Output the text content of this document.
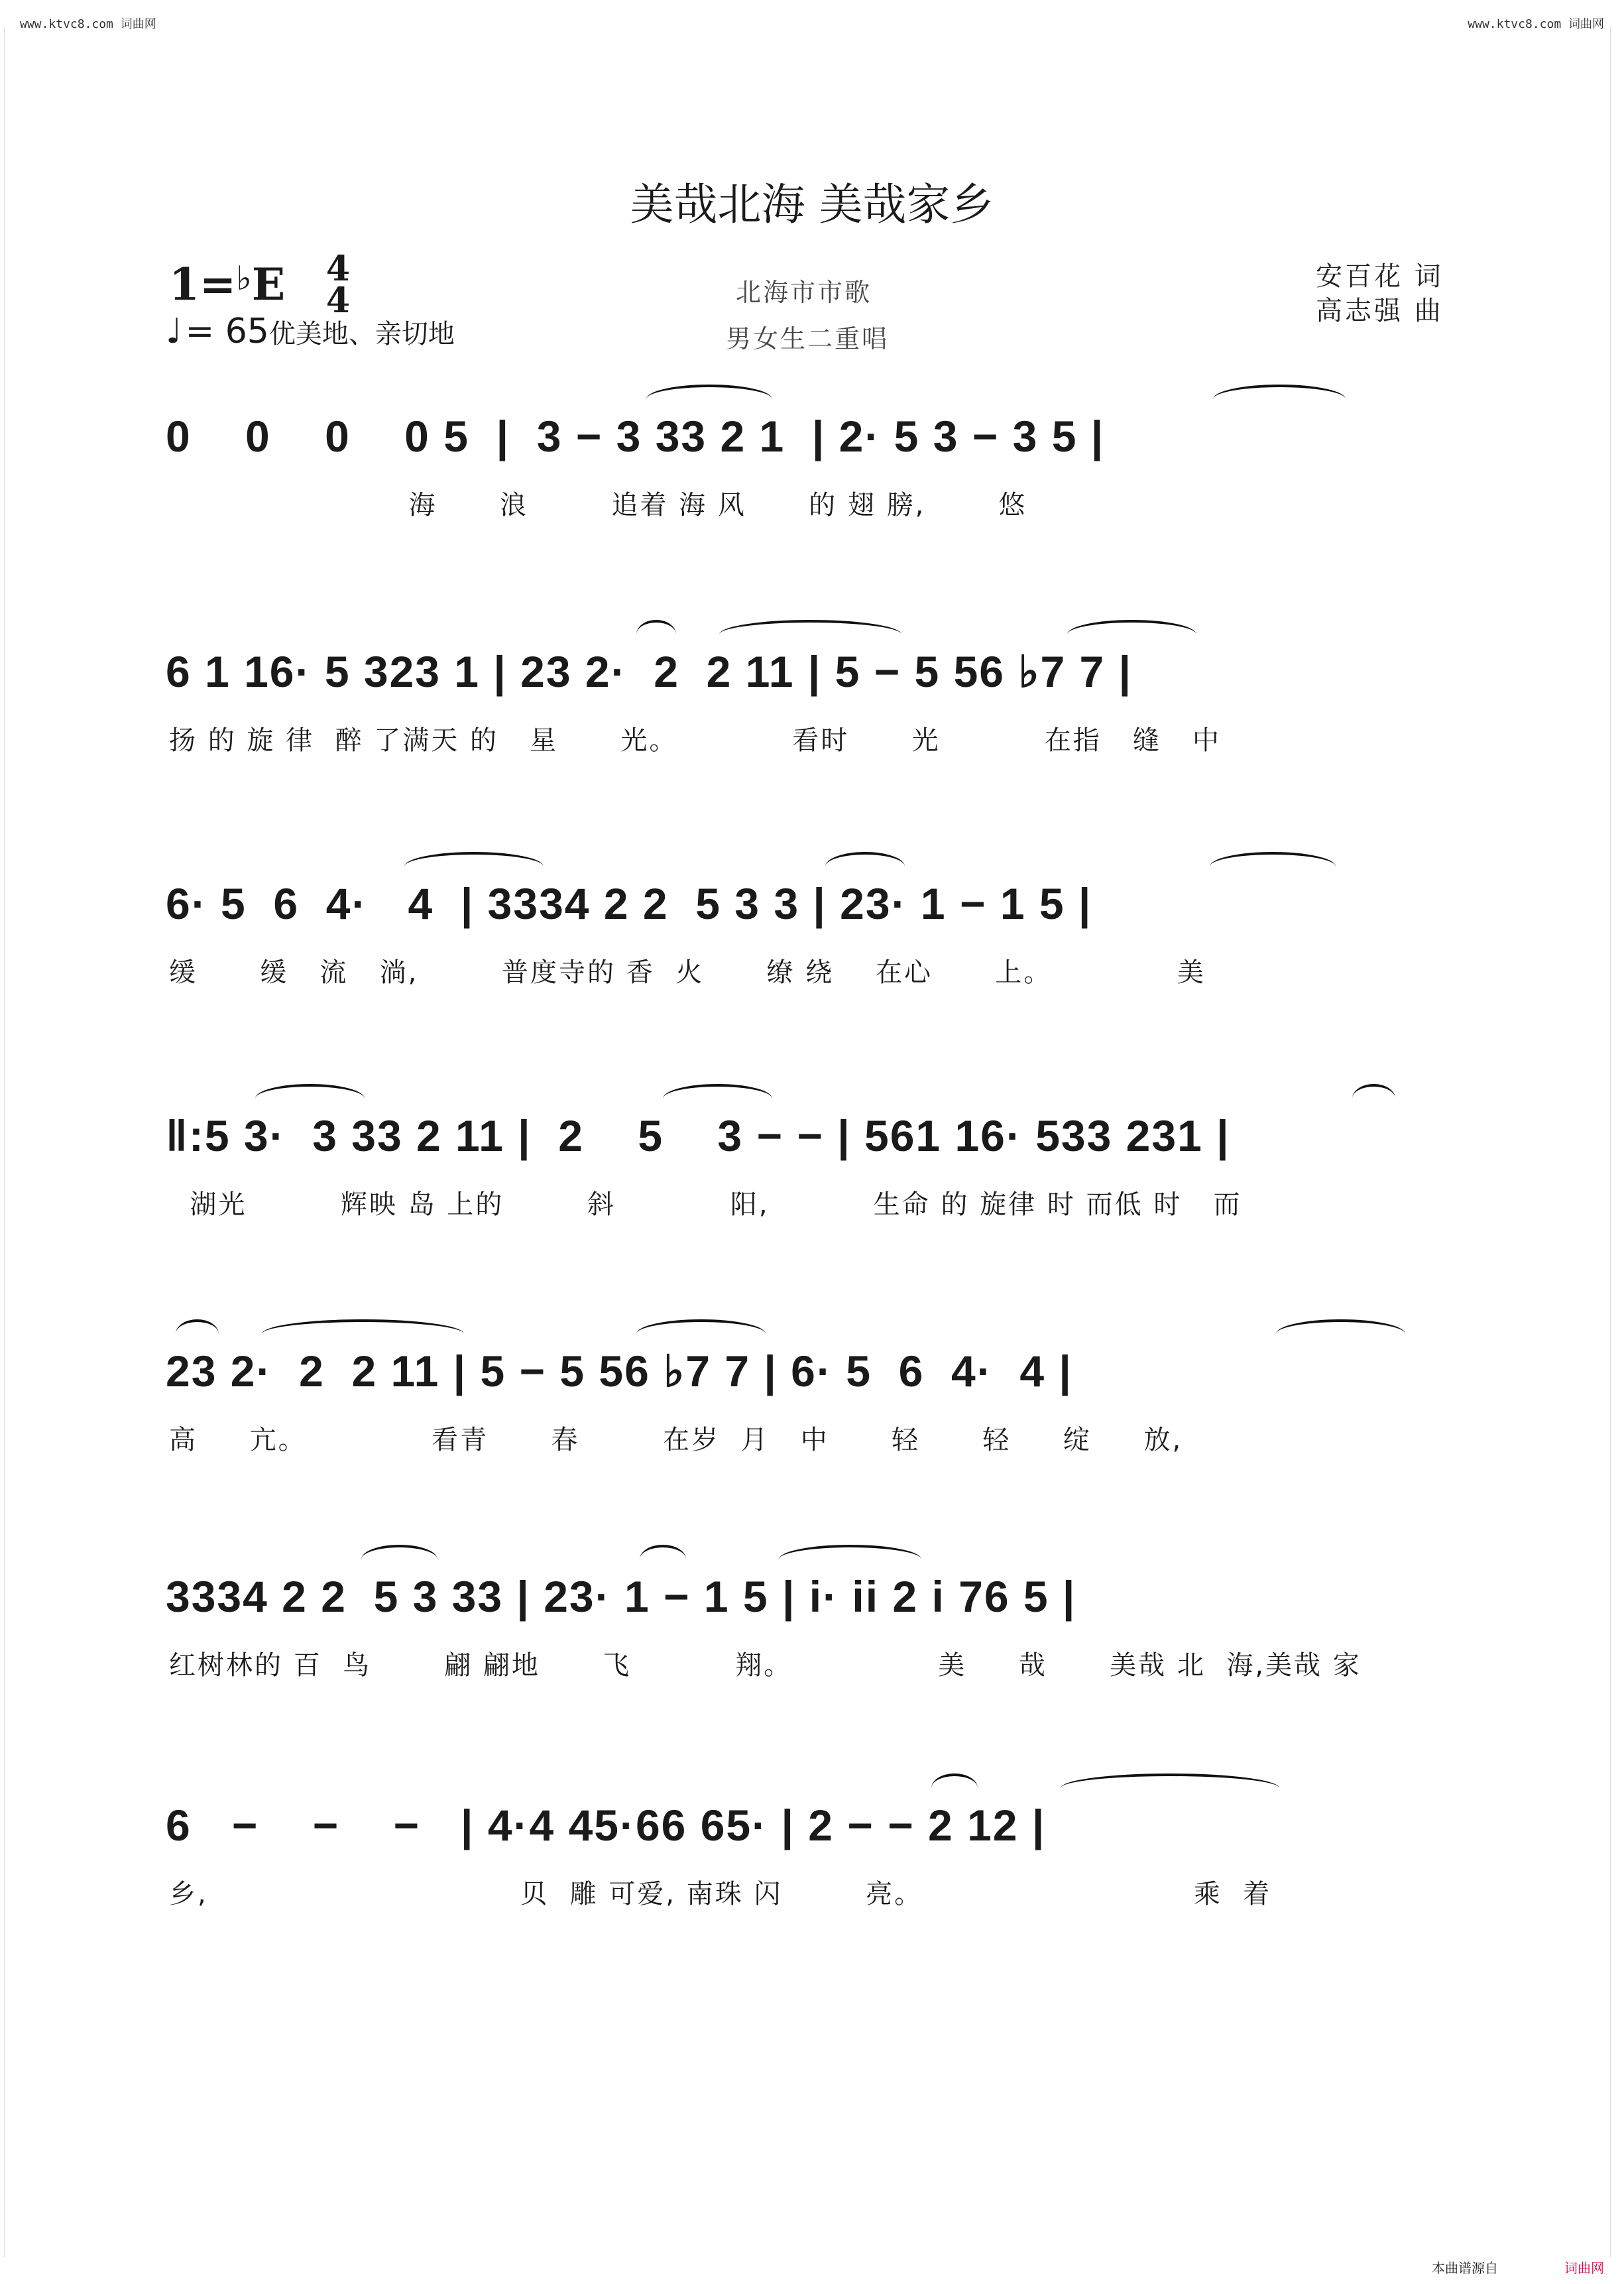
www.ktvc8.com 词曲网	www.ktvc8.com 词曲网
美哉北海 美哉家乡
1=♭E 4
4
♩ = 65优美地、亲切地
北海市市歌
男女生二重唱
安百花 词
高志强 曲
0    0    0    0 5  |  3 − 3 33 2 1  | 2· 5 3 − 3 5 |
海      浪        追着 海 风      的 翅 膀,       悠
6 1 16· 5 323 1 | 23 2·  2  2 11 | 5 − 5 56 ♭7 7 |
扬 的 旋 律  醉 了满天 的   星      光。           看时      光          在指   缝   中
6· 5  6  4·   4  | 3334 2 2  5 3 3 | 23· 1 − 1 5 |
缓      缓   流   淌,        普度寺的 香  火      缭 绕    在心      上。            美
‖:5 3·  3 33 2 11 |  2    5    3 − − | 561 16· 533 231 |
湖光         辉映 岛 上的        斜           阳,          生命 的 旋律 时 而低 时   而
23 2·  2  2 11 | 5 − 5 56 ♭7 7 | 6· 5  6  4·  4 |
高     亢。            看青      春        在岁  月   中      轻      轻     绽     放,
3334 2 2  5 3 33 | 23· 1 − 1 5 | i· ii 2 i 76 5 |
红树林的 百  鸟       翩 翩地      飞          翔。              美     哉      美哉 北  海,美哉 家
6   −    −    −   | 4·4 45·66 65· | 2 − − 2 12 |
乡,                              贝  雕 可爱, 南珠 闪        亮。                          乘  着
本曲谱源自	词曲网
